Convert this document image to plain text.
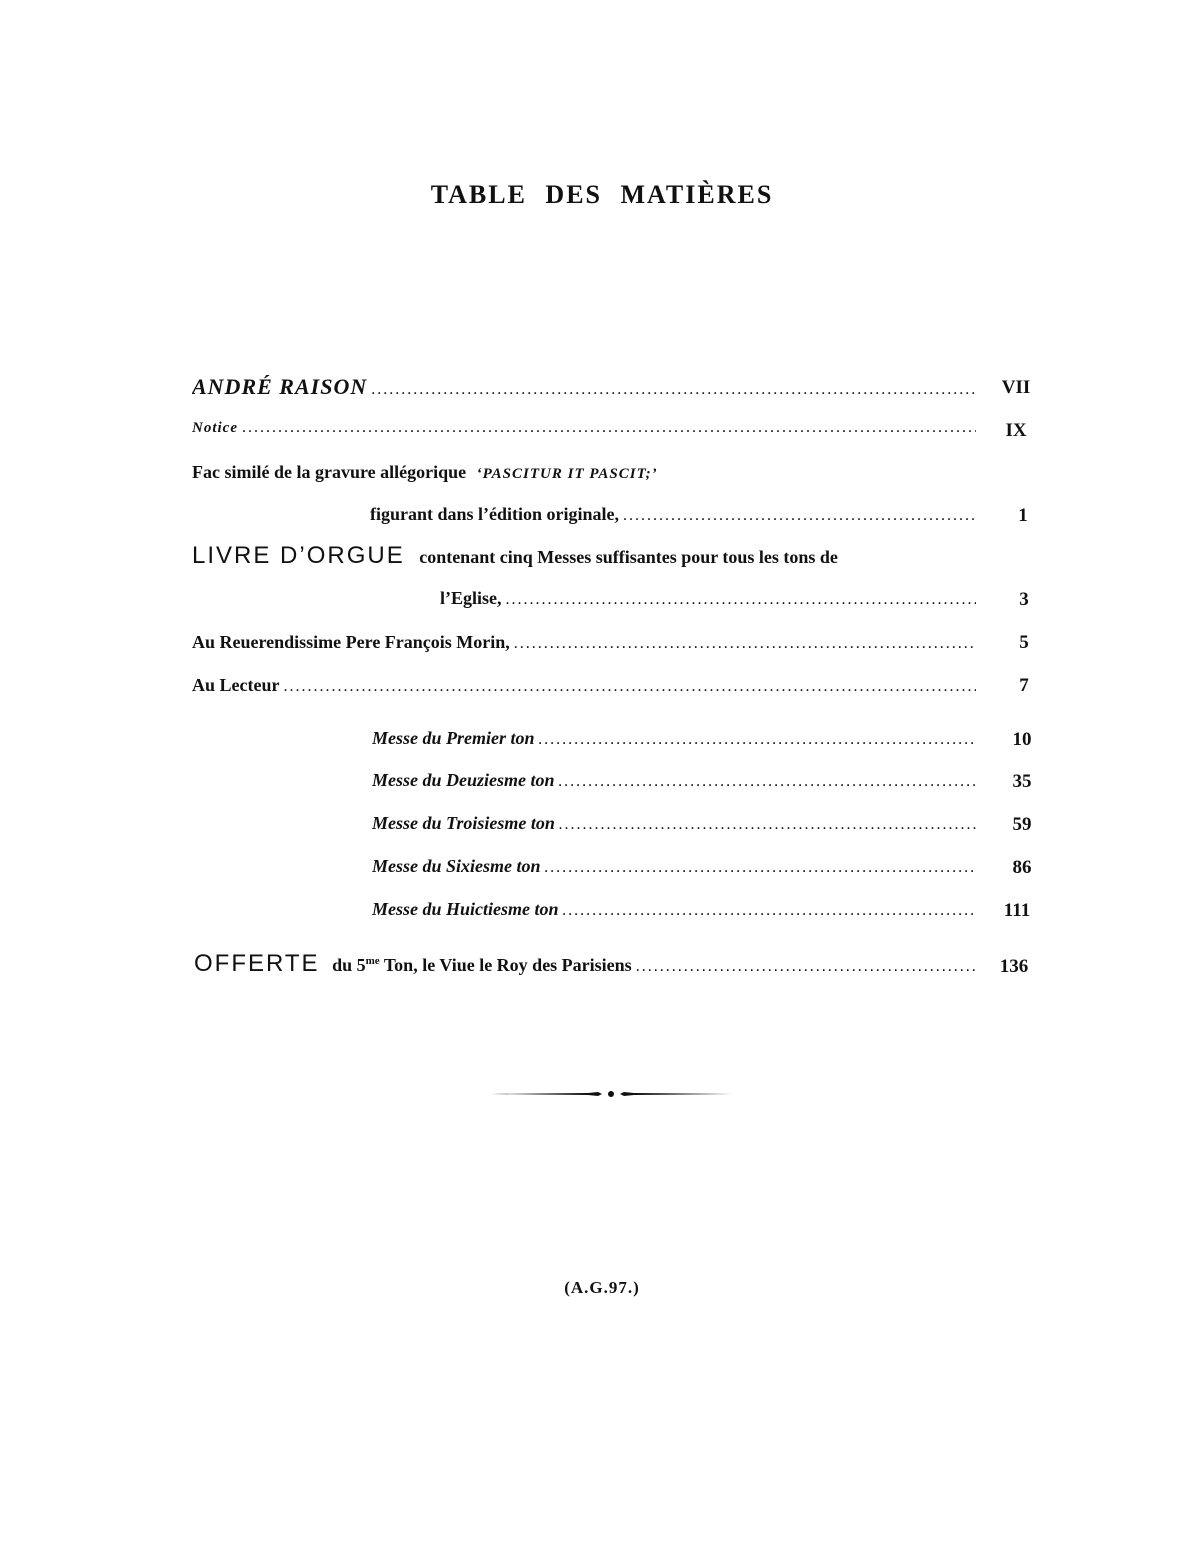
TABLE DES MATIÈRES
ANDRÉ RAISON .....	VII
Notice .....	IX
Fac similé de la gravure allégorique ‘PASCITUR IT PASCIT;’
figurant dans l’édition originale, .....	1
LIVRE D’ORGUE contenant cinq Messes suffisantes pour tous les tons de
l’Eglise, .....	3
Au Reuerendissime Pere François Morin, .....	5
Au Lecteur .....	7
Messe du Premier ton .....	10
Messe du Deuziesme ton .....	35
Messe du Troisiesme ton .....	59
Messe du Sixiesme ton .....	86
Messe du Huictiesme ton .....	111
OFFERTE du $5^{me}$ Ton, le Viue le Roy des Parisiens .....	136
(A.G.97.)
